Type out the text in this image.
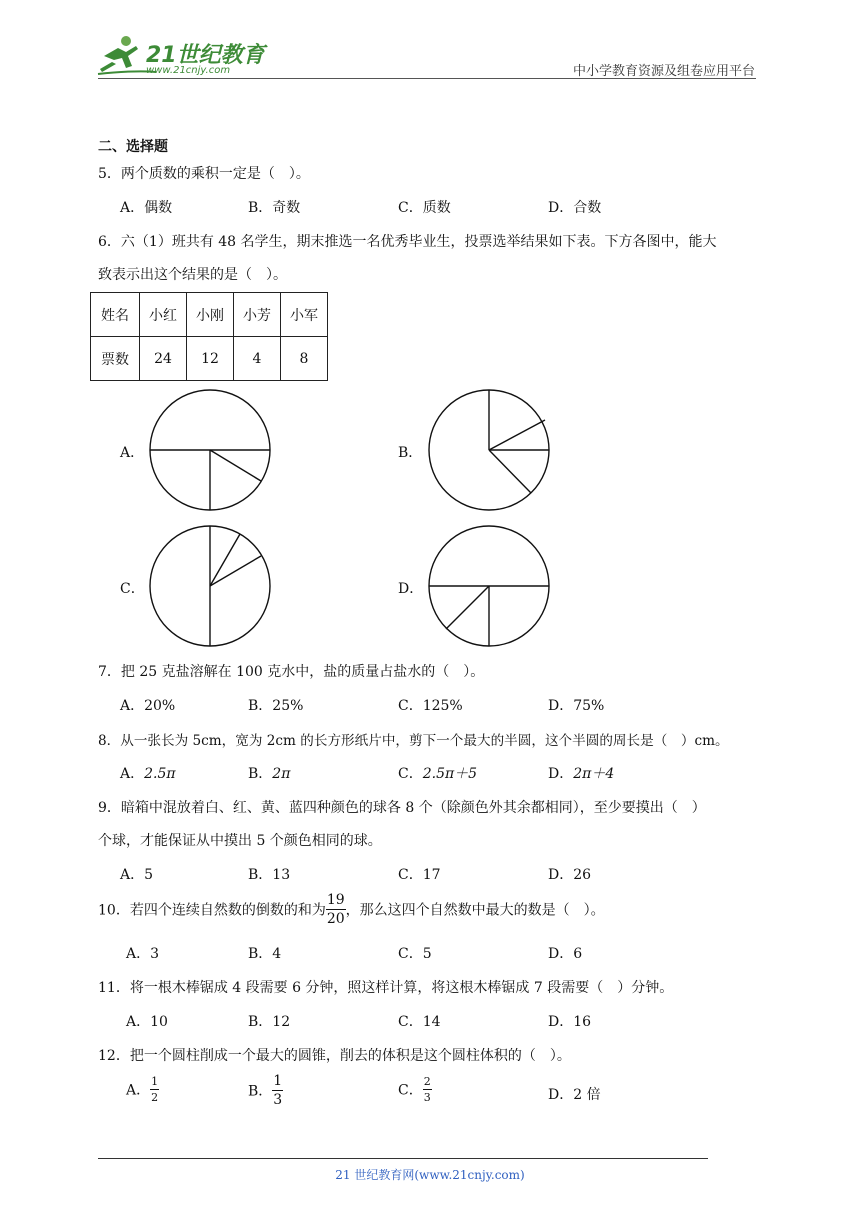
21世纪教育
www.21cnjy.com	中小学教育资源及组卷应用平台
二、选择题
5．两个质数的乘积一定是（　）。
A．偶数	B．奇数	C．质数	D．合数
6．六（1）班共有 48 名学生，期末推选一名优秀毕业生，投票选举结果如下表。下方各图中，能大
致表示出这个结果的是（　）。
姓名	小红	小刚	小芳	小军
票数	24	12	4	8
A．	B．
C．	D．
7．把 25 克盐溶解在 100 克水中，盐的质量占盐水的（　）。
A．20%	B．25%	C．125%	D．75%
8．从一张长为 5cm，宽为 2cm 的长方形纸片中，剪下一个最大的半圆，这个半圆的周长是（　）cm。
A．2.5π	B．2π	C．2.5π＋5	D．2π＋4
9．暗箱中混放着白、红、黄、蓝四种颜色的球各 8 个（除颜色外其余都相同），至少要摸出（　）
个球，才能保证从中摸出 5 个颜色相同的球。
A．5	B．13	C．17	D．26
10．若四个连续自然数的倒数的和为 $\frac{19}{20}$ ，那么这四个自然数中最大的数是（　）。
A．3	B．4	C．5	D．6
11．将一根木棒锯成 4 段需要 6 分钟，照这样计算，将这根木棒锯成 7 段需要（　）分钟。
A．10	B．12	C．14	D．16
12．把一个圆柱削成一个最大的圆锥，削去的体积是这个圆柱体积的（　）。
A． $\frac{1}{2}$	B． $\frac{1}{3}$	C． $\frac{2}{3}$	D．2 倍
21 世纪教育网(www.21cnjy.com)
